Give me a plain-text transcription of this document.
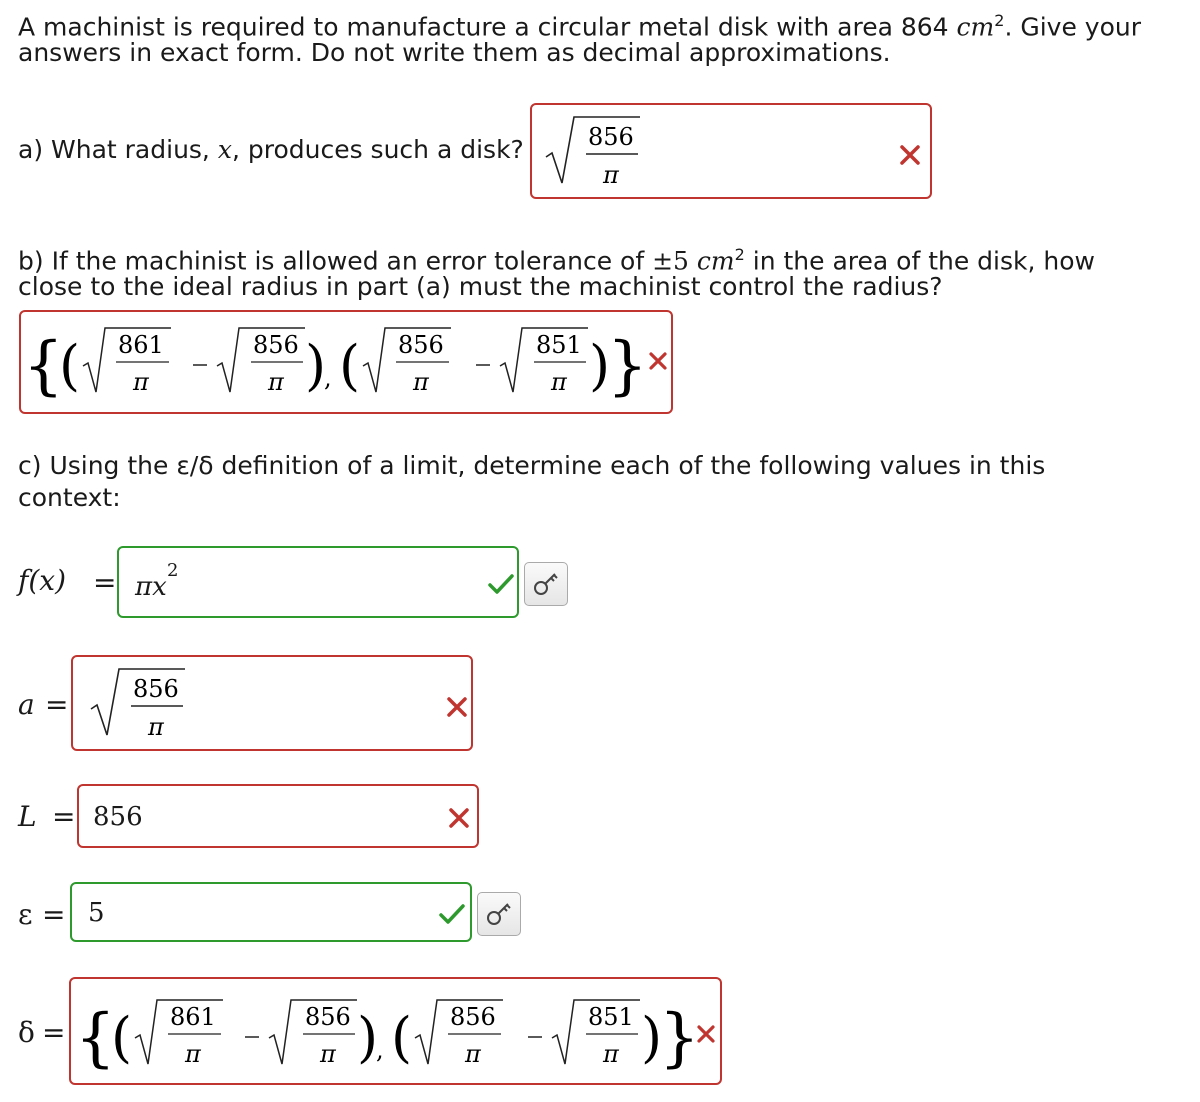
A machinist is required to manufacture a circular metal disk with area 864 $cm^2$. Give your
answers in exact form. Do not write them as decimal approximations.
a) What radius, x, produces such a disk?	856
π
b) If the machinist is allowed an error tolerance of ±5 $cm^2$ in the area of the disk, how
close to the ideal radius in part (a) must the machinist control the radius?
{
( 861
π
856
π )
, ( 856
π
851
π )
}
c) Using the ε/δ definition of a limit, determine each of the following values in this
context:
f(x) = πx
2
a =	856
π
L = 856
ε = 5
δ = {
( 861
π
856
π )
, ( 856
π
851
π )
}
